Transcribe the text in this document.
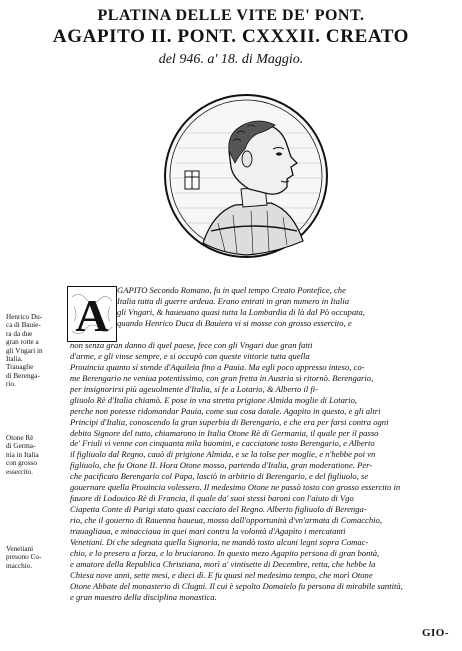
PLATINA DELLE VITE DE' PONT.
AGAPITO II. PONT. CXXXII. CREATO
del 946. a' 18. di Maggio.
A
Henrico Du-
ca di Bauie-
ra da due
gran rotte a
gli Vngari in
Italia.
Trauaglie
di Berenga-
rio.
Otone Rè
di Germa-
nia in Italia
con grosso
essercito.
Venetiani
presono Co-
macchio.
GAPITO Secondo Romano, fu in quel tempo Creato Pontefice, che
Italia tutta di guerre ardeua. Erano entrati in gran numero in Italia
gli Vngari, & haueuano quasi tutta la Lombardia di là dal Pò occupata,
quando Henrico Duca di Bauiera vi si mosse con grosso essercito, e
non senza gran danno di quel paese, fece con gli Vngari due gran fatti
d'arme, e gli vinse sempre, e si occupò con queste vittorie tutta quella
Prouincia quanto si stende d'Aquileia fino a Pauia. Ma egli poco appresso inteso, co-
me Berengario ne veniua potentissimo, con gran fretta in Austria si ritornò. Berengario,
per insignorirsi più ageuolmente d'Italia, si fe a Lotario, & Alberto il fi-
gliuolo Rè d'Italia chiamò. E pose in vna stretta prigione Almida moglie di Lotario,
perche non potesse ridomandar Pauia, come sua cosa dotale. Agapito in questo, e gli altri
Principi d'Italia, conoscendo la gran superbia di Berengario, e che era per farsi contra ogni
debito Signore del tutto, chiamarono in Italia Otone Rè di Germania, il quale per il passo
de' Friuli vi venne con cinquanta mila huomini, e cacciatone tosto Berengario, e Alberto
il figliuolo dal Regno, cauò di prigione Almida, e se la tolse per moglie, e n'hebbe poi vn
figliuolo, che fu Otone II. Hora Otone mosso, partendo d'Italia, gran moderatione. Per-
che pacificato Berengario col Papa, lasciò in arbitrio di Berengario, e del figliuolo, se
gouernare quella Prouincia volessero. Il medesimo Otone ne passò tosto con grosso essercito in
fauore di Lodouico Rè di Francia, il quale da' suoi stessi baroni con l'aiuto di Vgo
Ciapetta Conte di Parigi stato quasi cacciato del Regno. Alberto figliuolo di Berenga-
rio, che il gouerno di Rauenna haueua, mosso dall'opportunità d'vn'armata di Comacchio,
trauagliaua, e minacciaua in quei mari contra la volontà d'Agapito i mercatanti
Venetiani. Di che sdegnata quella Signoria, ne mandò tosto alcuni legni sopra Comac-
chio, e lo presero a forza, e lo bruciarono. In questo mezo Agapito persona di gran bontà,
e amatore della Republica Christiana, morì a' vintisette di Decembre, retta, che hebbe la
Chiesa nove anni, sette mesi, e dieci dì. E fu quasi nel medesimo tempo, che morì Otone
Otone Abbate del monasterio di Clugni. Il cui è sepolto Domaielo fu persona di mirabile santità,
e gran maestro della disciplina monastica.
GIO-
